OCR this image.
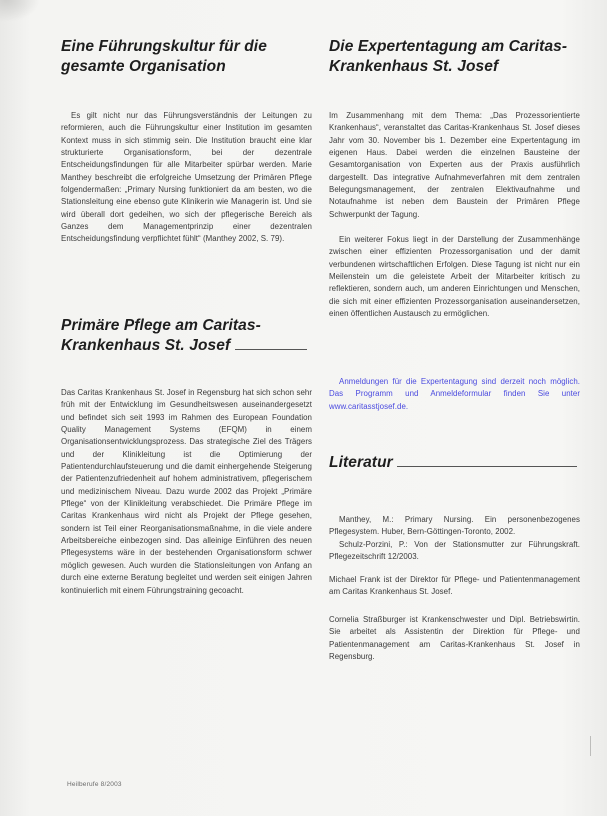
Eine Führungskultur für die gesamte Organisation

Es gilt nicht nur das Führungsverständnis der Leitungen zu reformieren, auch die Führungskultur einer Institution im gesamten Kontext muss in sich stimmig sein. Die Institution braucht eine klar strukturierte Organisationsform, bei der dezentrale Entscheidungsfindungen für alle Mitarbeiter spürbar werden. Marie Manthey beschreibt die erfolgreiche Umsetzung der Primären Pflege folgendermaßen: „Primary Nursing funktioniert da am besten, wo die Stationsleitung eine ebenso gute Klinikerin wie Managerin ist. Und sie wird überall dort gedeihen, wo sich der pflegerische Bereich als Ganzes dem Managementprinzip einer dezentralen Entscheidungsfindung verpflichtet fühlt“ (Manthey 2002, S. 79).

Primäre Pflege am Caritas-Krankenhaus St. Josef

Das Caritas Krankenhaus St. Josef in Regensburg hat sich schon sehr früh mit der Entwicklung im Gesundheitswesen auseinandergesetzt und befindet sich seit 1993 im Rahmen des European Foundation Quality Management Systems (EFQM) in einem Organisationsentwicklungsprozess. Das strategische Ziel des Trägers und der Klinikleitung ist die Optimierung der Patientendurchlaufsteuerung und die damit einhergehende Steigerung der Patientenzufriedenheit auf hohem administrativem, pflegerischem und medizinischem Niveau. Dazu wurde 2002 das Projekt „Primäre Pflege“ von der Klinikleitung verabschiedet. Die Primäre Pflege im Caritas Krankenhaus wird nicht als Projekt der Pflege gesehen, sondern ist Teil einer Reorganisationsmaßnahme, in die viele andere Arbeitsbereiche einbezogen sind. Das alleinige Einführen des neuen Pflegesystems wäre in der bestehenden Organisationsform schwer möglich gewesen. Auch wurden die Stationsleitungen von Anfang an durch eine externe Beratung begleitet und werden seit einigen Jahren kontinuierlich mit einem Führungstraining gecoacht.

Die Expertentagung am Caritas-Krankenhaus St. Josef

Im Zusammenhang mit dem Thema: „Das Prozessorientierte Krankenhaus“, veranstaltet das Caritas-Krankenhaus St. Josef dieses Jahr vom 30. November bis 1. Dezember eine Expertentagung im eigenen Haus. Dabei werden die einzelnen Bausteine der Gesamtorganisation von Experten aus der Praxis ausführlich dargestellt. Das integrative Aufnahmeverfahren mit dem zentralen Belegungsmanagement, der zentralen Elektivaufnahme und Notaufnahme ist neben dem Baustein der Primären Pflege Schwerpunkt der Tagung.

Ein weiterer Fokus liegt in der Darstellung der Zusammenhänge zwischen einer effizienten Prozessorganisation und der damit verbundenen wirtschaftlichen Erfolgen. Diese Tagung ist nicht nur ein Meilenstein um die geleistete Arbeit der Mitarbeiter kritisch zu reflektieren, sondern auch, um anderen Einrichtungen und Menschen, die sich mit einer effizienten Prozessorganisation auseinandersetzen, einen öffentlichen Austausch zu ermöglichen.

Anmeldungen für die Expertentagung sind derzeit noch möglich. Das Programm und Anmeldeformular finden Sie unter www.caritasstjosef.de.

Literatur

Manthey, M.: Primary Nursing. Ein personenbezogenes Pflegesystem. Huber, Bern-Göttingen-Toronto, 2002.

Schulz-Porzini, P.: Von der Stationsmutter zur Führungskraft. Pflegezeitschrift 12/2003.

Michael Frank ist der Direktor für Pflege- und Patientenmanagement am Caritas Krankenhaus St. Josef.

Cornelia Straßburger ist Krankenschwester und Dipl. Betriebswirtin. Sie arbeitet als Assistentin der Direktion für Pflege- und Patientenmanagement am Caritas-Krankenhaus St. Josef in Regensburg.

Heilberufe 8/2003
